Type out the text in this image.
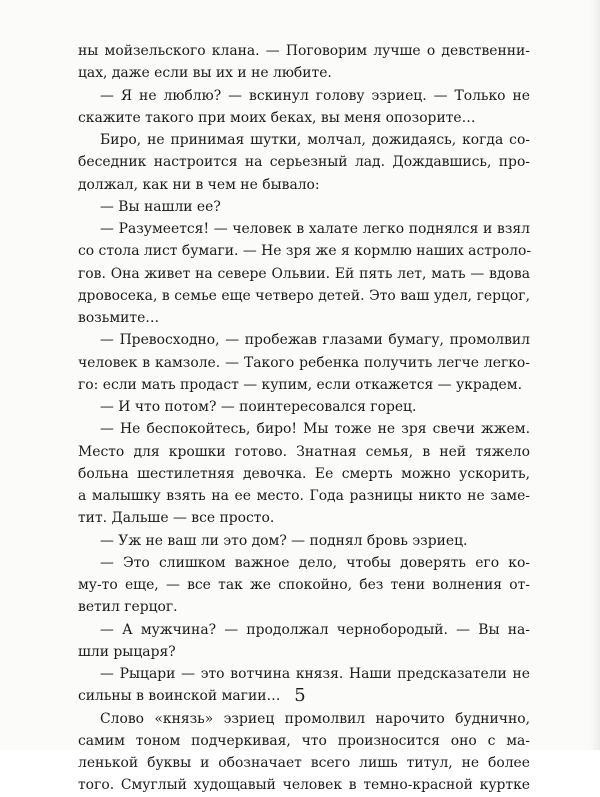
ны мойзельского клана. — Поговорим лучше о девственни-
цах, даже если вы их и не любите.
— Я не люблю? — вскинул голову эзриец. — Только не
скажите такого при моих беках, вы меня опозорите…
Биро, не принимая шутки, молчал, дожидаясь, когда со-
беседник настроится на серьезный лад. Дождавшись, про-
должал, как ни в чем не бывало:
— Вы нашли ее?
— Разумеется! — человек в халате легко поднялся и взял
со стола лист бумаги. — Не зря же я кормлю наших астроло-
гов. Она живет на севере Ольвии. Ей пять лет, мать — вдова
дровосека, в семье еще четверо детей. Это ваш удел, герцог,
возьмите…
— Превосходно, — пробежав глазами бумагу, промолвил
человек в камзоле. — Такого ребенка получить легче легко-
го: если мать продаст — купим, если откажется — украдем.
— И что потом? — поинтересовался горец.
— Не беспокойтесь, биро! Мы тоже не зря свечи жжем.
Место для крошки готово. Знатная семья, в ней тяжело
больна шестилетняя девочка. Ее смерть можно ускорить,
а малышку взять на ее место. Года разницы никто не заме-
тит. Дальше — все просто.
— Уж не ваш ли это дом? — поднял бровь эзриец.
— Это слишком важное дело, чтобы доверять его ко-
му-то еще, — все так же спокойно, без тени волнения от-
ветил герцог.
— А мужчина? — продолжал чернобородый. — Вы на-
шли рыцаря?
— Рыцари — это вотчина князя. Наши предсказатели не
сильны в воинской магии…
Слово «князь» эзриец промолвил нарочито буднично,
самим тоном подчеркивая, что произносится оно с ма-
ленькой буквы и обозначает всего лишь титул, не более
того. Смуглый худощавый человек в темно-красной куртке
5
